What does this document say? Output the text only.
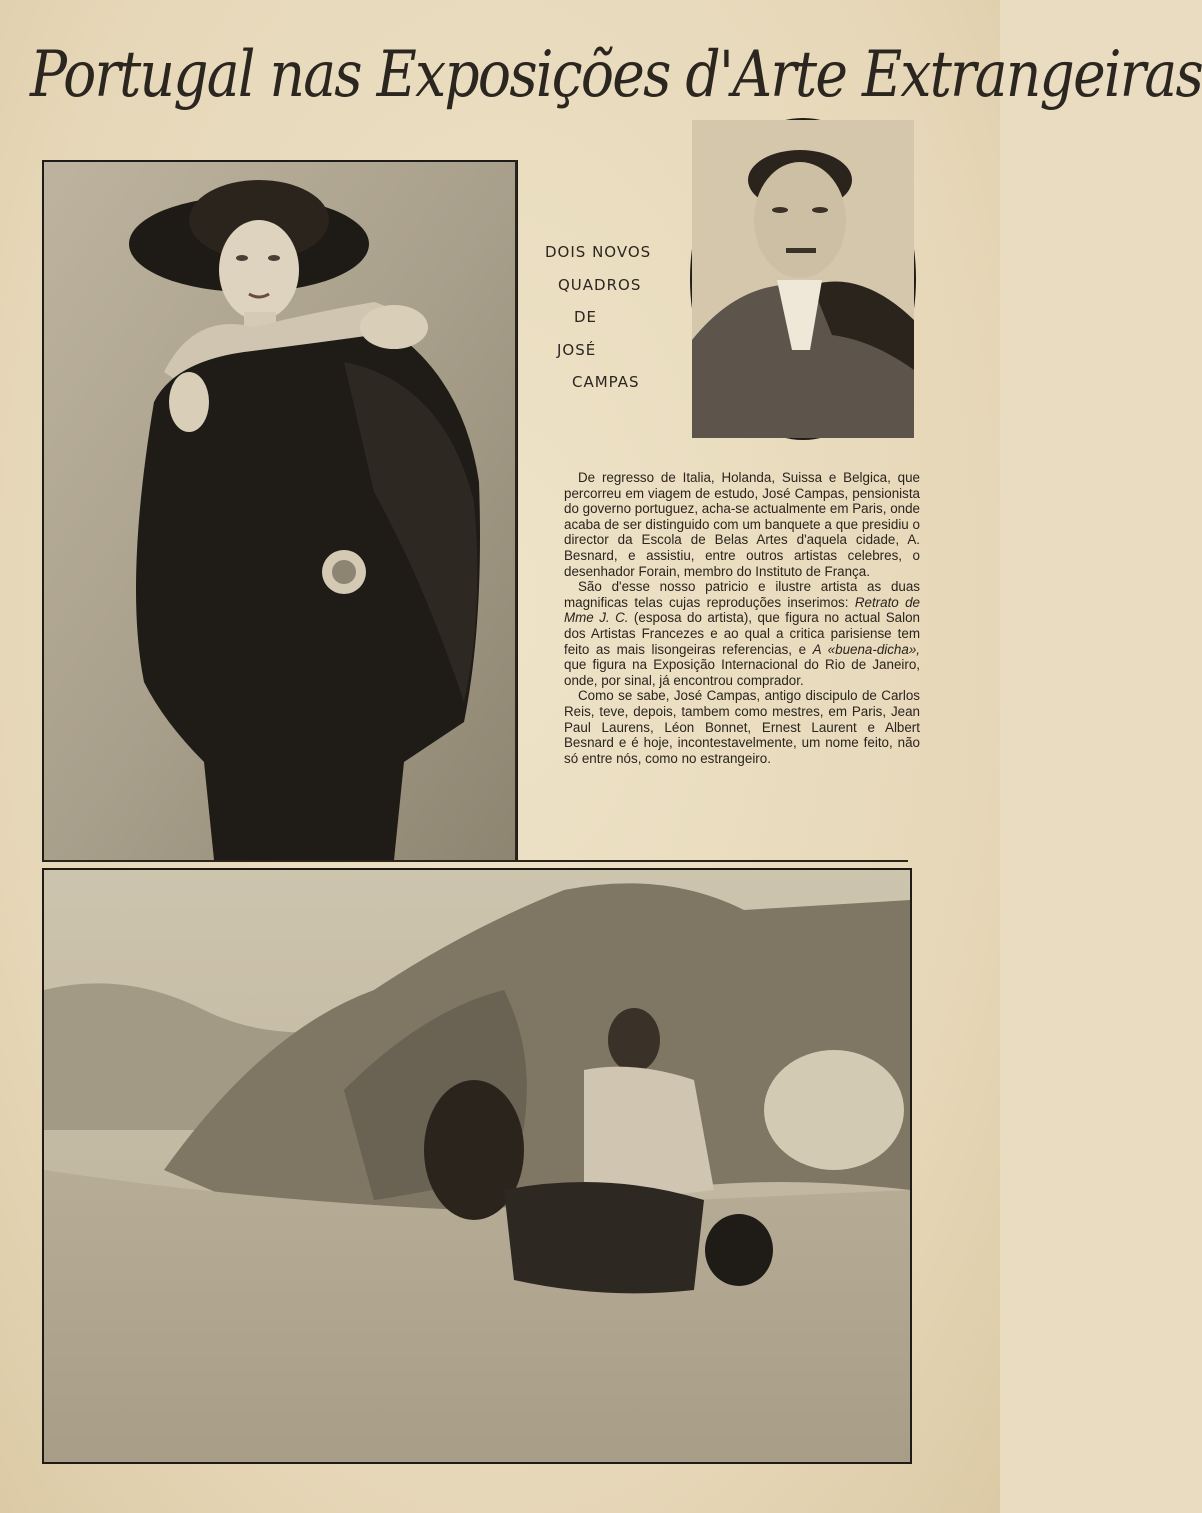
Portugal nas Exposições d'Arte Extrangeiras
DOIS NOVOS
QUADROS
DE
JOSÉ
CAMPAS

De regresso de Italia, Holanda, Suissa e Belgica, que percorreu em viagem de estudo, José Campas, pensionista do governo portuguez, acha-se actualmente em Paris, onde acaba de ser distinguido com um banquete a que presidiu o director da Escola de Belas Artes d'aquela cidade, A. Besnard, e assistiu, entre outros artistas celebres, o desenhador Forain, membro do Instituto de França.

São d'esse nosso patricio e ilustre artista as duas magnificas telas cujas reproduções inserimos: Retrato de Mme J. C. (esposa do artista), que figura no actual Salon dos Artistas Francezes e ao qual a critica parisiense tem feito as mais lisongeiras referencias, e A «buena-dicha», que figura na Exposição Internacional do Rio de Janeiro, onde, por sinal, já encontrou comprador.

Como se sabe, José Campas, antigo discipulo de Carlos Reis, teve, depois, tambem como mestres, em Paris, Jean Paul Laurens, Léon Bonnet, Ernest Laurent e Albert Besnard e é hoje, incontestavelmente, um nome feito, não só entre nós, como no estrangeiro.
